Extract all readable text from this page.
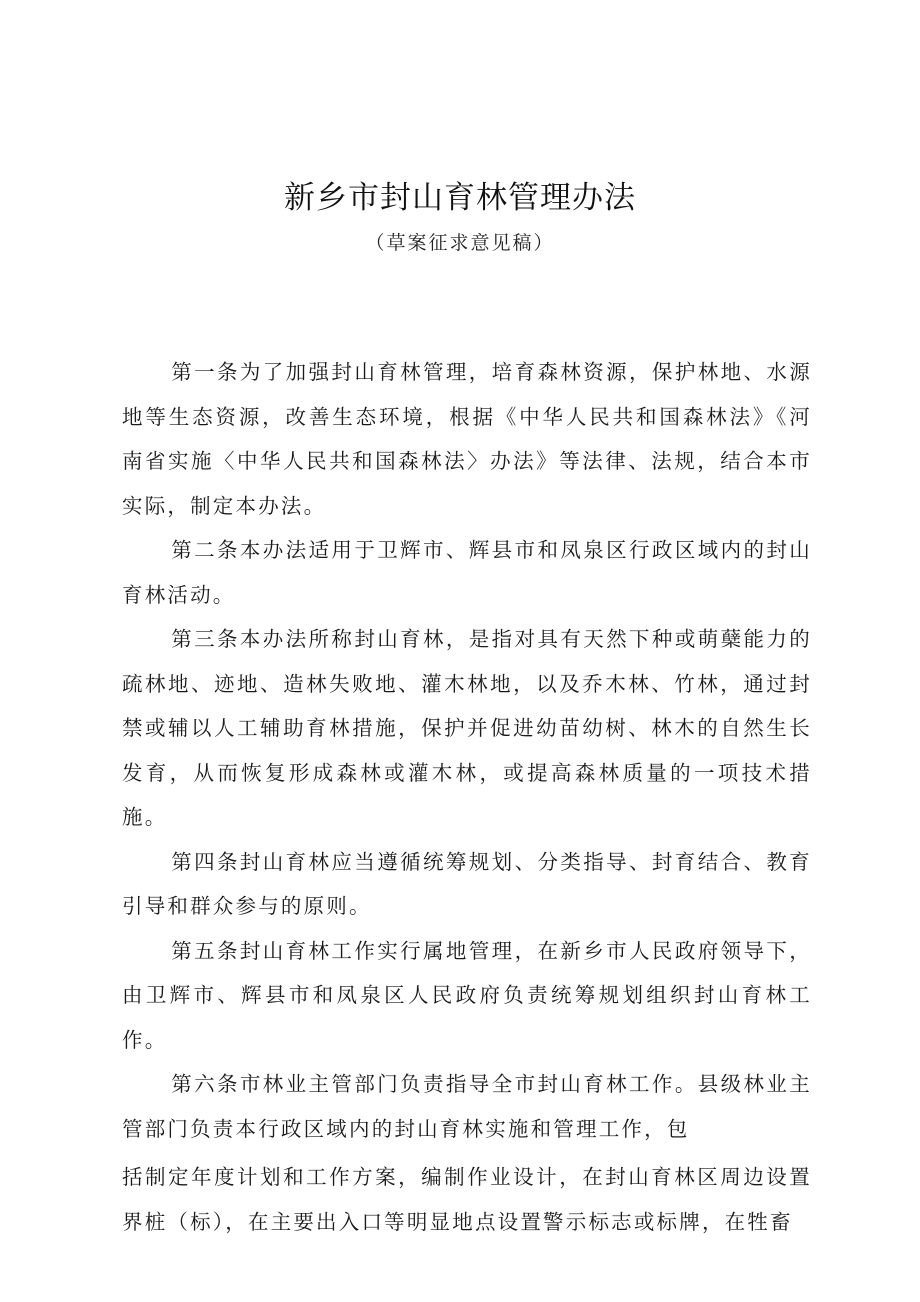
新乡市封山育林管理办法
（草案征求意见稿）

第一条为了加强封山育林管理，培育森林资源，保护林地、水源地等生态资源，改善生态环境，根据《中华人民共和国森林法》《河南省实施〈中华人民共和国森林法〉办法》等法律、法规，结合本市实际，制定本办法。

第二条本办法适用于卫辉市、辉县市和凤泉区行政区域内的封山育林活动。

第三条本办法所称封山育林，是指对具有天然下种或萌蘖能力的疏林地、迹地、造林失败地、灌木林地，以及乔木林、竹林，通过封禁或辅以人工辅助育林措施，保护并促进幼苗幼树、林木的自然生长发育，从而恢复形成森林或灌木林，或提高森林质量的一项技术措施。

第四条封山育林应当遵循统筹规划、分类指导、封育结合、教育引导和群众参与的原则。

第五条封山育林工作实行属地管理，在新乡市人民政府领导下，由卫辉市、辉县市和凤泉区人民政府负责统筹规划组织封山育林工作。

第六条市林业主管部门负责指导全市封山育林工作。县级林业主管部门负责本行政区域内的封山育林实施和管理工作，包

括制定年度计划和工作方案，编制作业设计，在封山育林区周边设置界桩（标），在主要出入口等明显地点设置警示标志或标牌，在牲畜
